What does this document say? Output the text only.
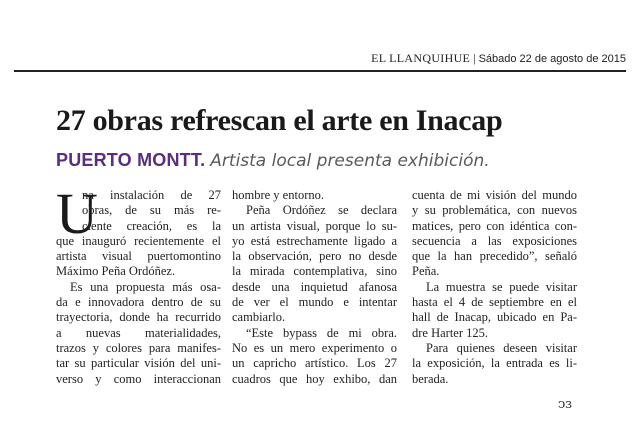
EL LLANQUIHUE | Sábado 22 de agosto de 2015
27 obras refrescan el arte en Inacap
PUERTO MONTT. Artista local presenta exhibición.
U
na instalación de 27
obras, de su más re-
ciente creación, es la
que inauguró recientemente el
artista visual puertomontino
Máximo Peña Ordóñez.
Es una propuesta más osa-
da e innovadora dentro de su
trayectoria, donde ha recurrido
a nuevas materialidades,
trazos y colores para manifes-
tar su particular visión del uni-
verso y como interaccionan
hombre y entorno.
Peña Ordóñez se declara
un artista visual, porque lo su-
yo está estrechamente ligado a
la observación, pero no desde
la mirada contemplativa, sino
desde una inquietud afanosa
de ver el mundo e intentar
cambiarlo.
“Este bypass de mi obra.
No es un mero experimento o
un capricho artístico. Los 27
cuadros que hoy exhibo, dan
cuenta de mi visión del mundo
y su problemática, con nuevos
matices, pero con idéntica con-
secuencia a las exposiciones
que la han precedido”, señaló
Peña.
La muestra se puede visitar
hasta el 4 de septiembre en el
hall de Inacap, ubicado en Pa-
dre Harter 125.
Para quienes deseen visitar
la exposición, la entrada es li-
berada.
ↄɜ
